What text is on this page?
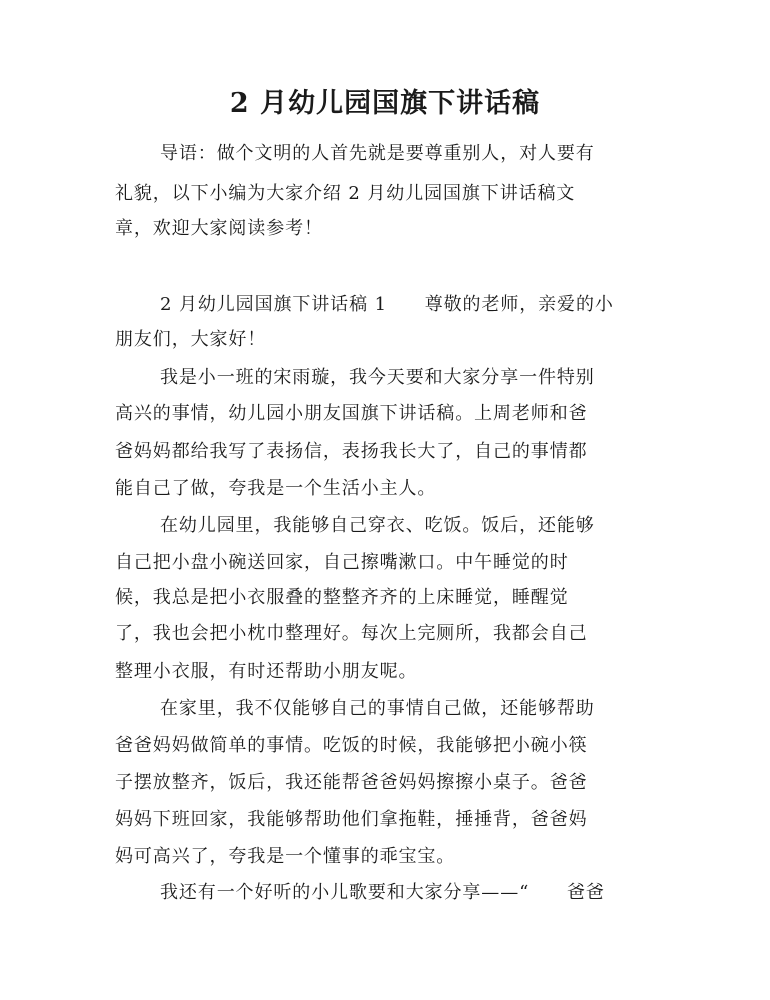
2 月幼儿园国旗下讲话稿
导语：做个文明的人首先就是要尊重别人，对人要有
礼貌，以下小编为大家介绍 2 月幼儿园国旗下讲话稿文
章，欢迎大家阅读参考！
2 月幼儿园国旗下讲话稿 1　　尊敬的老师，亲爱的小
朋友们，大家好！
我是小一班的宋雨璇，我今天要和大家分享一件特别
高兴的事情，幼儿园小朋友国旗下讲话稿。上周老师和爸
爸妈妈都给我写了表扬信，表扬我长大了，自己的事情都
能自己了做，夸我是一个生活小主人。
在幼儿园里，我能够自己穿衣、吃饭。饭后，还能够
自己把小盘小碗送回家，自己擦嘴漱口。中午睡觉的时
候，我总是把小衣服叠的整整齐齐的上床睡觉，睡醒觉
了，我也会把小枕巾整理好。每次上完厕所，我都会自己
整理小衣服，有时还帮助小朋友呢。
在家里，我不仅能够自己的事情自己做，还能够帮助
爸爸妈妈做简单的事情。吃饭的时候，我能够把小碗小筷
子摆放整齐，饭后，我还能帮爸爸妈妈擦擦小桌子。爸爸
妈妈下班回家，我能够帮助他们拿拖鞋，捶捶背，爸爸妈
妈可高兴了，夸我是一个懂事的乖宝宝。
我还有一个好听的小儿歌要和大家分享——“　　爸爸
